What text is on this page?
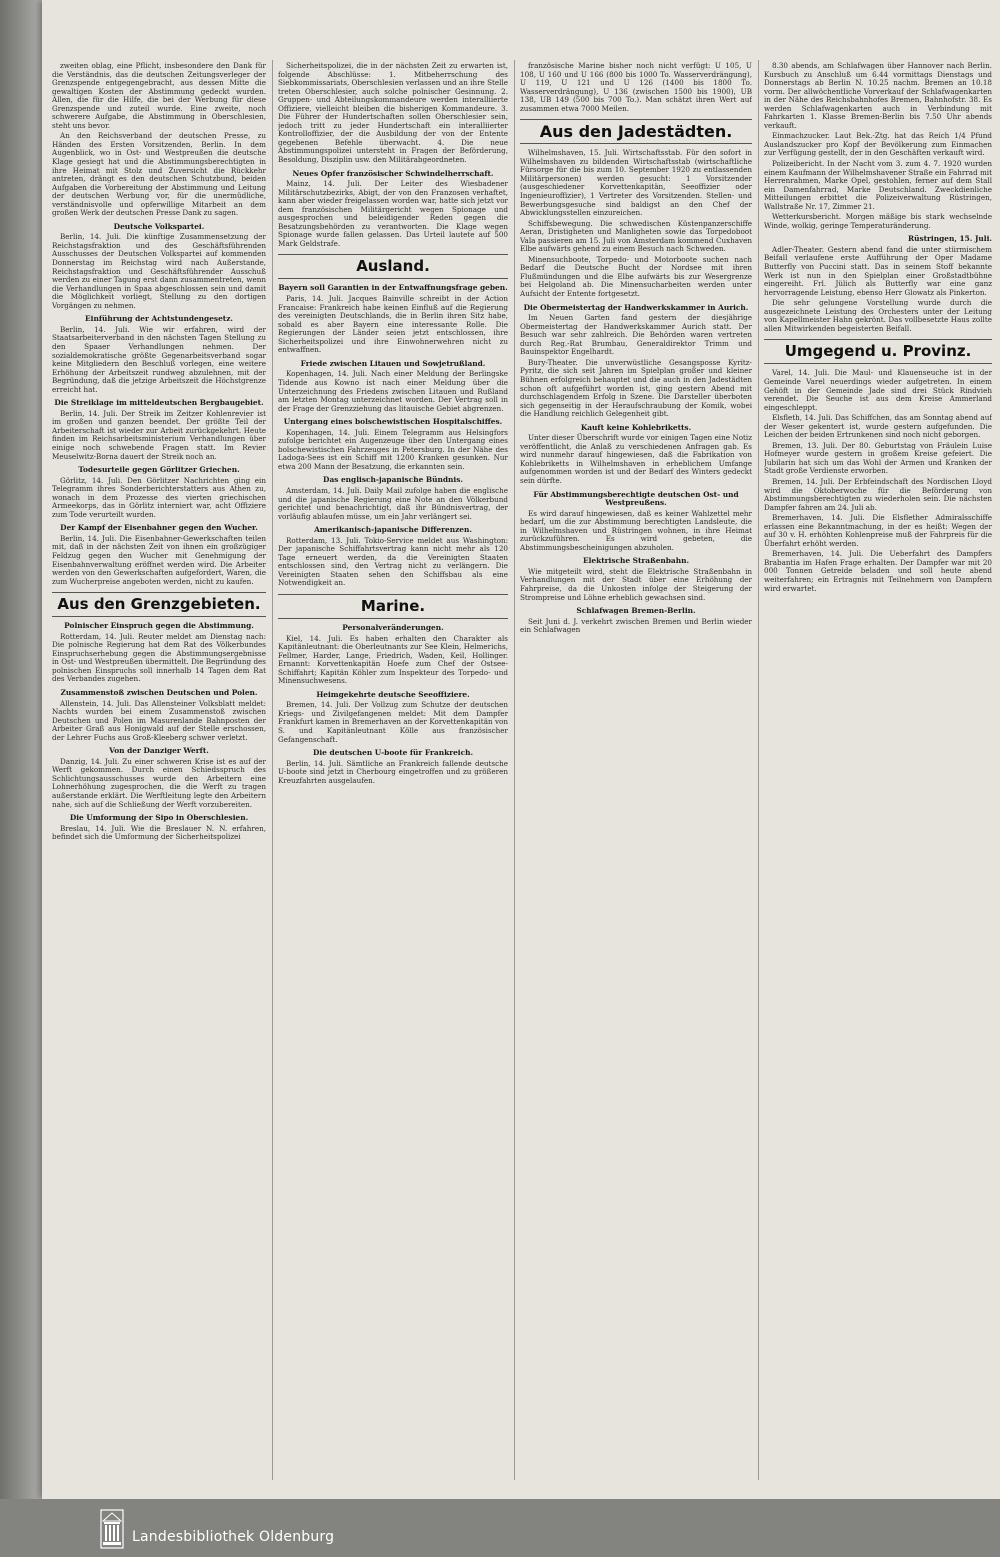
zweiten oblag, eine Pflicht, insbesondere den Dank für die Verständnis, das die deutschen Zeitungsverleger der Grenzspende entgegengebracht, aus dessen Mitte die gewaltigen Kosten der Abstimmung gedeckt wurden. Allen, die für die Hilfe, die bei der Werbung für diese Grenzspende und zuteil wurde. Eine zweite, noch schwerere Aufgabe, die Abstimmung in Oberschlesien, steht uns bevor.

An den Reichsverband der deutschen Presse, zu Händen des Ersten Vorsitzenden, Berlin. In dem Augenblick, wo in Ost- und Westpreußen die deutsche Klage gesiegt hat und die Abstimmungsberechtigten in ihre Heimat mit Stolz und Zuversicht die Rückkehr antreten, drängt es den deutschen Schutzbund, beiden Aufgaben die Vorbereitung der Abstimmung und Leitung der deutschen Werbung vor, für die unermüdliche, verständnisvolle und opferwillige Mitarbeit an dem großen Werk der deutschen Presse Dank zu sagen.

Deutsche Volkspartei.

Berlin, 14. Juli. Die künftige Zusammensetzung der Reichstagsfraktion und des Geschäftsführenden Ausschusses der Deutschen Volkspartei auf kommenden Donnerstag im Reichstag wird nach Außerstande, Reichstagsfraktion und Geschäftsführender Ausschuß werden zu einer Tagung erst dann zusammentreten, wenn die Verhandlungen in Spaa abgeschlossen sein und damit die Möglichkeit vorliegt, Stellung zu den dortigen Vorgängen zu nehmen.

Einführung der Achtstundengesetz.

Berlin, 14. Juli. Wie wir erfahren, wird der Staatsarbeiterverband in den nächsten Tagen Stellung zu den Spaaer Verhandlungen nehmen. Der sozialdemokratische größte Gegenarbeitsverband sogar keine Mitgliedern den Beschluß vorlegen, eine weitere Erhöhung der Arbeitszeit rundweg abzulehnen, mit der Begründung, daß die jetzige Arbeitszeit die Höchstgrenze erreicht hat.

Die Streiklage im mitteldeutschen Bergbaugebiet.

Berlin, 14. Juli. Der Streik im Zeitzer Kohlenrevier ist im großen und ganzen beendet. Der größte Teil der Arbeiterschaft ist wieder zur Arbeit zurückgekehrt. Heute finden im Reichsarbeitsministerium Verhandlungen über einige noch schwebende Fragen statt. Im Revier Meuselwitz-Borna dauert der Streik noch an.

Todesurteile gegen Görlitzer Griechen.

Görlitz, 14. Juli. Den Görlitzer Nachrichten ging ein Telegramm ihres Sonderberichterstatters aus Athen zu, wonach in dem Prozesse des vierten griechischen Armeekorps, das in Görlitz interniert war, acht Offiziere zum Tode verurteilt wurden.

Der Kampf der Eisenbahner gegen den Wucher.

Berlin, 14. Juli. Die Eisenbahner-Gewerkschaften teilen mit, daß in der nächsten Zeit von ihnen ein großzügiger Feldzug gegen den Wucher mit Genehmigung der Eisenbahnverwaltung eröffnet werden wird. Die Arbeiter werden von den Gewerkschaften aufgefordert, Waren, die zum Wucherpreise angeboten werden, nicht zu kaufen.

Aus den Grenzgebieten.

Polnischer Einspruch gegen die Abstimmung.

Rotterdam, 14. Juli. Reuter meldet am Dienstag nach: Die polnische Regierung hat dem Rat des Völkerbundes Einspruchserhebung gegen die Abstimmungsergebnisse in Ost- und Westpreußen übermittelt. Die Begründung des polnischen Einspruchs soll innerhalb 14 Tagen dem Rat des Verbandes zugehen.

Zusammenstoß zwischen Deutschen und Polen.

Allenstein, 14. Juli. Das Allensteiner Volksblatt meldet: Nachts wurden bei einem Zusammenstoß zwischen Deutschen und Polen im Masurenlande Bahnposten der Arbeiter Graß aus Honigwald auf der Stelle erschossen, der Lehrer Fuchs aus Groß-Kleeberg schwer verletzt.

Von der Danziger Werft.

Danzig, 14. Juli. Zu einer schweren Krise ist es auf der Werft gekommen. Durch einen Schiedsspruch des Schlichtungsausschusses wurde den Arbeitern eine Lohnerhöhung zugesprochen, die die Werft zu tragen außerstande erklärt. Die Werftleitung legte den Arbeitern nahe, sich auf die Schließung der Werft vorzubereiten.

Die Umformung der Sipo in Oberschlesien.

Breslau, 14. Juli. Wie die Breslauer N. N. erfahren, befindet sich die Umformung der Sicherheitspolizei

Sicherheitspolizei, die in der nächsten Zeit zu erwarten ist, folgende Abschlüsse: 1. Mitbeherrschung des Siebkommissariats, Oberschlesien verlassen und an ihre Stelle treten Oberschlesier, auch solche polnischer Gesinnung. 2. Gruppen- und Abteilungskommandeure werden interalliierte Offiziere, vielleicht bleiben die bisherigen Kommandeure. 3. Die Führer der Hundertschaften sollen Oberschlesier sein, jedoch tritt zu jeder Hundertschaft ein interalliierter Kontrolloffizier, der die Ausbildung der von der Entente gegebenen Befehle überwacht. 4. Die neue Abstimmungspolizei untersteht in Fragen der Beförderung, Besoldung, Disziplin usw. den Militärabgeordneten.

Neues Opfer französischer Schwindelherrschaft.

Mainz, 14. Juli. Der Leiter des Wiesbadener Militärschutzbezirks, Abigt, der von den Franzosen verhaftet, kann aber wieder freigelassen worden war, hatte sich jetzt vor dem französischen Militärgericht wegen Spionage und ausgesprochen und beleidigender Reden gegen die Besatzungsbehörden zu verantworten. Die Klage wegen Spionage wurde fallen gelassen. Das Urteil lautete auf 500 Mark Geldstrafe.

Ausland.

Bayern soll Garantien in der Entwaffnungsfrage geben.

Paris, 14. Juli. Jacques Bainville schreibt in der Action Francaise: Frankreich habe keinen Einfluß auf die Regierung des vereinigten Deutschlands, die in Berlin ihren Sitz habe, sobald es aber Bayern eine interessante Rolle. Die Regierungen der Länder seien jetzt entschlossen, ihre Sicherheitspolizei und ihre Einwohnerwehren nicht zu entwaffnen.

Friede zwischen Litauen und Sowjetrußland.

Kopenhagen, 14. Juli. Nach einer Meldung der Berlingske Tidende aus Kowno ist nach einer Meldung über die Unterzeichnung des Friedens zwischen Litauen und Rußland am letzten Montag unterzeichnet worden. Der Vertrag soll in der Frage der Grenzziehung das litauische Gebiet abgrenzen.

Untergang eines bolschewistischen Hospitalschiffes.

Kopenhagen, 14. Juli. Einem Telegramm aus Helsingfors zufolge berichtet ein Augenzeuge über den Untergang eines bolschewistischen Fahrzeuges in Petersburg. In der Nähe des Ladoga-Sees ist ein Schiff mit 1200 Kranken gesunken. Nur etwa 200 Mann der Besatzung, die erkannten sein.

Das englisch-japanische Bündnis.

Amsterdam, 14. Juli. Daily Mail zufolge haben die englische und die japanische Regierung eine Note an den Völkerbund gerichtet und benachrichtigt, daß ihr Bündnisvertrag, der vorläufig ablaufen müsse, um ein Jahr verlängert sei.

Amerikanisch-japanische Differenzen.

Rotterdam, 13. Juli. Tokio-Service meldet aus Washington: Der japanische Schiffahrtsvertrag kann nicht mehr als 120 Tage erneuert werden, da die Vereinigten Staaten entschlossen sind, den Vertrag nicht zu verlängern. Die Vereinigten Staaten sehen den Schiffsbau als eine Notwendigkeit an.

Marine.

Personalveränderungen.

Kiel, 14. Juli. Es haben erhalten den Charakter als Kapitänleutnant: die Oberleutnants zur See Klein, Helmerichs, Fellmer, Harder, Lange, Friedrich, Waden, Keil, Hollinger. Ernannt: Korvettenkapitän Hoefe zum Chef der Ostsee-Schiffahrt; Kapitän Köhler zum Inspekteur des Torpedo- und Minensuchwesens.

Heimgekehrte deutsche Seeoffiziere.

Bremen, 14. Juli. Der Vollzug zum Schutze der deutschen Kriegs- und Zivilgefangenen meldet: Mit dem Dampfer Frankfurt kamen in Bremerhaven an der Korvettenkapitän von S. und Kapitänleutnant Kölle aus französischer Gefangenschaft.

Die deutschen U-boote für Frankreich.

Berlin, 14. Juli. Sämtliche an Frankreich fallende deutsche U-boote sind jetzt in Cherbourg eingetroffen und zu größeren Kreuzfahrten ausgelaufen.

französische Marine bisher noch nicht verfügt: U 105, U 108, U 160 und U 166 (800 bis 1000 To. Wasserverdrängung), U 119, U 121 und U 126 (1400 bis 1800 To. Wasserverdrängung), U 136 (zwischen 1500 bis 1900), UB 138, UB 149 (500 bis 700 To.). Man schätzt ihren Wert auf zusammen etwa 7000 Meilen.

Aus den Jadestädten.

Wilhelmshaven, 15. Juli. Wirtschaftsstab. Für den sofort in Wilhelmshaven zu bildenden Wirtschaftsstab (wirtschaftliche Fürsorge für die bis zum 10. September 1920 zu entlassenden Militärpersonen) werden gesucht: 1 Vorsitzender (ausgeschiedener Korvettenkapitän, Seeoffizier oder Ingenieuroffizier), 1 Vertreter des Vorsitzenden. Stellen- und Bewerbungsgesuche sind baldigst an den Chef der Abwicklungsstellen einzureichen.

Schiffsbewegung. Die schwedischen Küstenpanzerschiffe Aeran, Dristigheten und Manligheten sowie das Torpedoboot Vala passieren am 15. Juli von Amsterdam kommend Cuxhaven Elbe aufwärts gehend zu einem Besuch nach Schweden.

Minensuchboote, Torpedo- und Motorboote suchen nach Bedarf die Deutsche Bucht der Nordsee mit ihren Flußmündungen und die Elbe aufwärts bis zur Wesergrenze bei Helgoland ab. Die Minensucharbeiten werden unter Aufsicht der Entente fortgesetzt.

Die Obermeistertag der Handwerkskammer in Aurich.

Im Neuen Garten fand gestern der diesjährige Obermeistertag der Handwerkskammer Aurich statt. Der Besuch war sehr zahlreich. Die Behörden waren vertreten durch Reg.-Rat Brumbau, Generaldirektor Trimm und Bauinspektor Engelhardt.

Bury-Theater. Die unverwüstliche Gesangsposse Kyritz-Pyritz, die sich seit Jahren im Spielplan großer und kleiner Bühnen erfolgreich behauptet und die auch in den Jadestädten schon oft aufgeführt worden ist, ging gestern Abend mit durchschlagendem Erfolg in Szene. Die Darsteller überboten sich gegenseitig in der Heraufschraubung der Komik, wobei die Handlung reichlich Gelegenheit gibt.

Kauft keine Kohlebriketts.

Unter dieser Überschrift wurde vor einigen Tagen eine Notiz veröffentlicht, die Anlaß zu verschiedenen Anfragen gab. Es wird nunmehr darauf hingewiesen, daß die Fabrikation von Kohlebriketts in Wilhelmshaven in erheblichem Umfange aufgenommen worden ist und der Bedarf des Winters gedeckt sein dürfte.

Für Abstimmungsberechtigte deutschen Ost- und Westpreußens.

Es wird darauf hingewiesen, daß es keiner Wahlzettel mehr bedarf, um die zur Abstimmung berechtigten Landsleute, die in Wilhelmshaven und Rüstringen wohnen, in ihre Heimat zurückzuführen. Es wird gebeten, die Abstimmungsbescheinigungen abzuholen.

Elektrische Straßenbahn.

Wie mitgeteilt wird, steht die Elektrische Straßenbahn in Verhandlungen mit der Stadt über eine Erhöhung der Fahrpreise, da die Unkosten infolge der Steigerung der Strompreise und Löhne erheblich gewachsen sind.

Schlafwagen Bremen-Berlin.

Seit Juni d. J. verkehrt zwischen Bremen und Berlin wieder ein Schlafwagen

8.30 abends, am Schlafwagen über Hannover nach Berlin. Kursbuch zu Anschluß um 6.44 vormittags Dienstags und Donnerstags ab Berlin N. 10.25 nachm. Bremen an 10.18 vorm. Der allwöchentliche Vorverkauf der Schlafwagenkarten in der Nähe des Reichsbahnhofes Bremen, Bahnhofstr. 38. Es werden Schlafwagenkarten auch in Verbindung mit Fahrkarten 1. Klasse Bremen-Berlin bis 7.50 Uhr abends verkauft.

Einmachzucker. Laut Bek.-Ztg. hat das Reich 1/4 Pfund Auslandszucker pro Kopf der Bevölkerung zum Einmachen zur Verfügung gestellt, der in den Geschäften verkauft wird.

Polizeibericht. In der Nacht vom 3. zum 4. 7. 1920 wurden einem Kaufmann der Wilhelmshavener Straße ein Fahrrad mit Herrenrahmen, Marke Opel, gestohlen, ferner auf dem Stall ein Damenfahrrad, Marke Deutschland. Zweckdienliche Mitteilungen erbittet die Polizeiverwaltung Rüstringen, Wallstraße Nr. 17, Zimmer 21.

Wetterkursbericht. Morgen mäßige bis stark wechselnde Winde, wolkig, geringe Temperaturänderung.

Rüstringen, 15. Juli.

Adler-Theater. Gestern abend fand die unter stürmischem Beifall verlaufene erste Aufführung der Oper Madame Butterfly von Puccini statt. Das in seinem Stoff bekannte Werk ist nun in den Spielplan einer Großstadtbühne eingereiht. Frl. Jülich als Butterfly war eine ganz hervorragende Leistung, ebenso Herr Glowatz als Pinkerton.

Die sehr gelungene Vorstellung wurde durch die ausgezeichnete Leistung des Orchesters unter der Leitung von Kapellmeister Hahn gekrönt. Das vollbesetzte Haus zollte allen Mitwirkenden begeisterten Beifall.

Umgegend u. Provinz.

Varel, 14. Juli. Die Maul- und Klauenseuche ist in der Gemeinde Varel neuerdings wieder aufgetreten. In einem Gehöft in der Gemeinde Jade sind drei Stück Rindvieh verendet. Die Seuche ist aus dem Kreise Ammerland eingeschleppt.

Elsfleth, 14. Juli. Das Schiffchen, das am Sonntag abend auf der Weser gekentert ist, wurde gestern aufgefunden. Die Leichen der beiden Ertrunkenen sind noch nicht geborgen.

Bremen, 13. Juli. Der 80. Geburtstag von Fräulein Luise Hofmeyer wurde gestern in großem Kreise gefeiert. Die Jubilarin hat sich um das Wohl der Armen und Kranken der Stadt große Verdienste erworben.

Bremen, 14. Juli. Der Erbfeindschaft des Nordischen Lloyd wird die Oktoberwoche für die Beförderung von Abstimmungsberechtigten zu wiederholen sein. Die nächsten Dampfer fahren am 24. Juli ab.

Bremerhaven, 14. Juli. Die Elsflether Admiralsschiffe erlassen eine Bekanntmachung, in der es heißt: Wegen der auf 30 v. H. erhöhten Kohlenpreise muß der Fahrpreis für die Überfahrt erhöht werden.

Bremerhaven, 14. Juli. Die Ueberfahrt des Dampfers Brabantia im Hafen Frage erhalten. Der Dampfer war mit 20 000 Tonnen Getreide beladen und soll heute abend weiterfahren; ein Ertragnis mit Teilnehmern von Dampfern wird erwartet.

Landesbibliothek Oldenburg
